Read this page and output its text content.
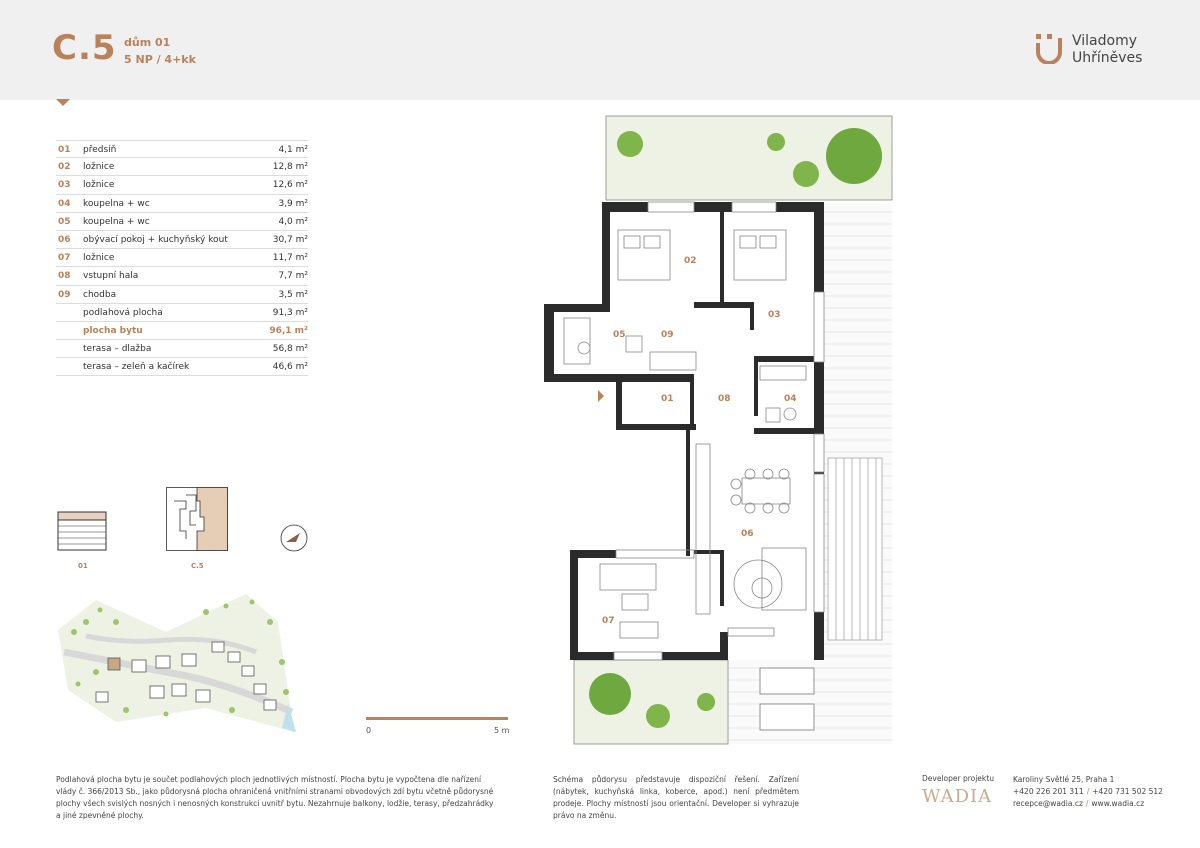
C.5 dům 01
5 NP / 4+kk
Viladomy
Uhříněves
01 předsíň	4,1 m²
02 ložnice	12,8 m²
03 ložnice	12,6 m²
04 koupelna + wc	3,9 m²
05 koupelna + wc	4,0 m²
06 obývací pokoj + kuchyňský kout	30,7 m²
07 ložnice	11,7 m²
08 vstupní hala	7,7 m²
09 chodba	3,5 m²
podlahová plocha	91,3 m²
plocha bytu	96,1 m²
terasa – dlažba	56,8 m²
terasa – zeleň a kačírek	46,6 m²
01	C.5
02
03
05	09
01	08	04
06
07
0	5 m
Podlahová plocha bytu je součet podlahových ploch jednotlivých místností. Plocha bytu je vypočtena dle nařízení vlády č. 366/2013 Sb., jako půdorysná plocha ohraničená vnitřními stranami obvodových zdí bytu včetně půdorysné plochy všech svislých nosných i nenosných konstrukcí uvnitř bytu. Nezahrnuje balkony, lodžie, terasy, předzahrádky a jiné zpevněné plochy.
Schéma půdorysu představuje dispoziční řešení. Zařízení (nábytek, kuchyňská linka, koberce, apod.) není předmětem prodeje. Plochy místností jsou orientační. Developer si vyhrazuje právo na změnu.
Developer projektu
WADIA
Karoliny Světlé 25, Praha 1
+420 226 201 311 / +420 731 502 512
recepce@wadia.cz / www.wadia.cz
